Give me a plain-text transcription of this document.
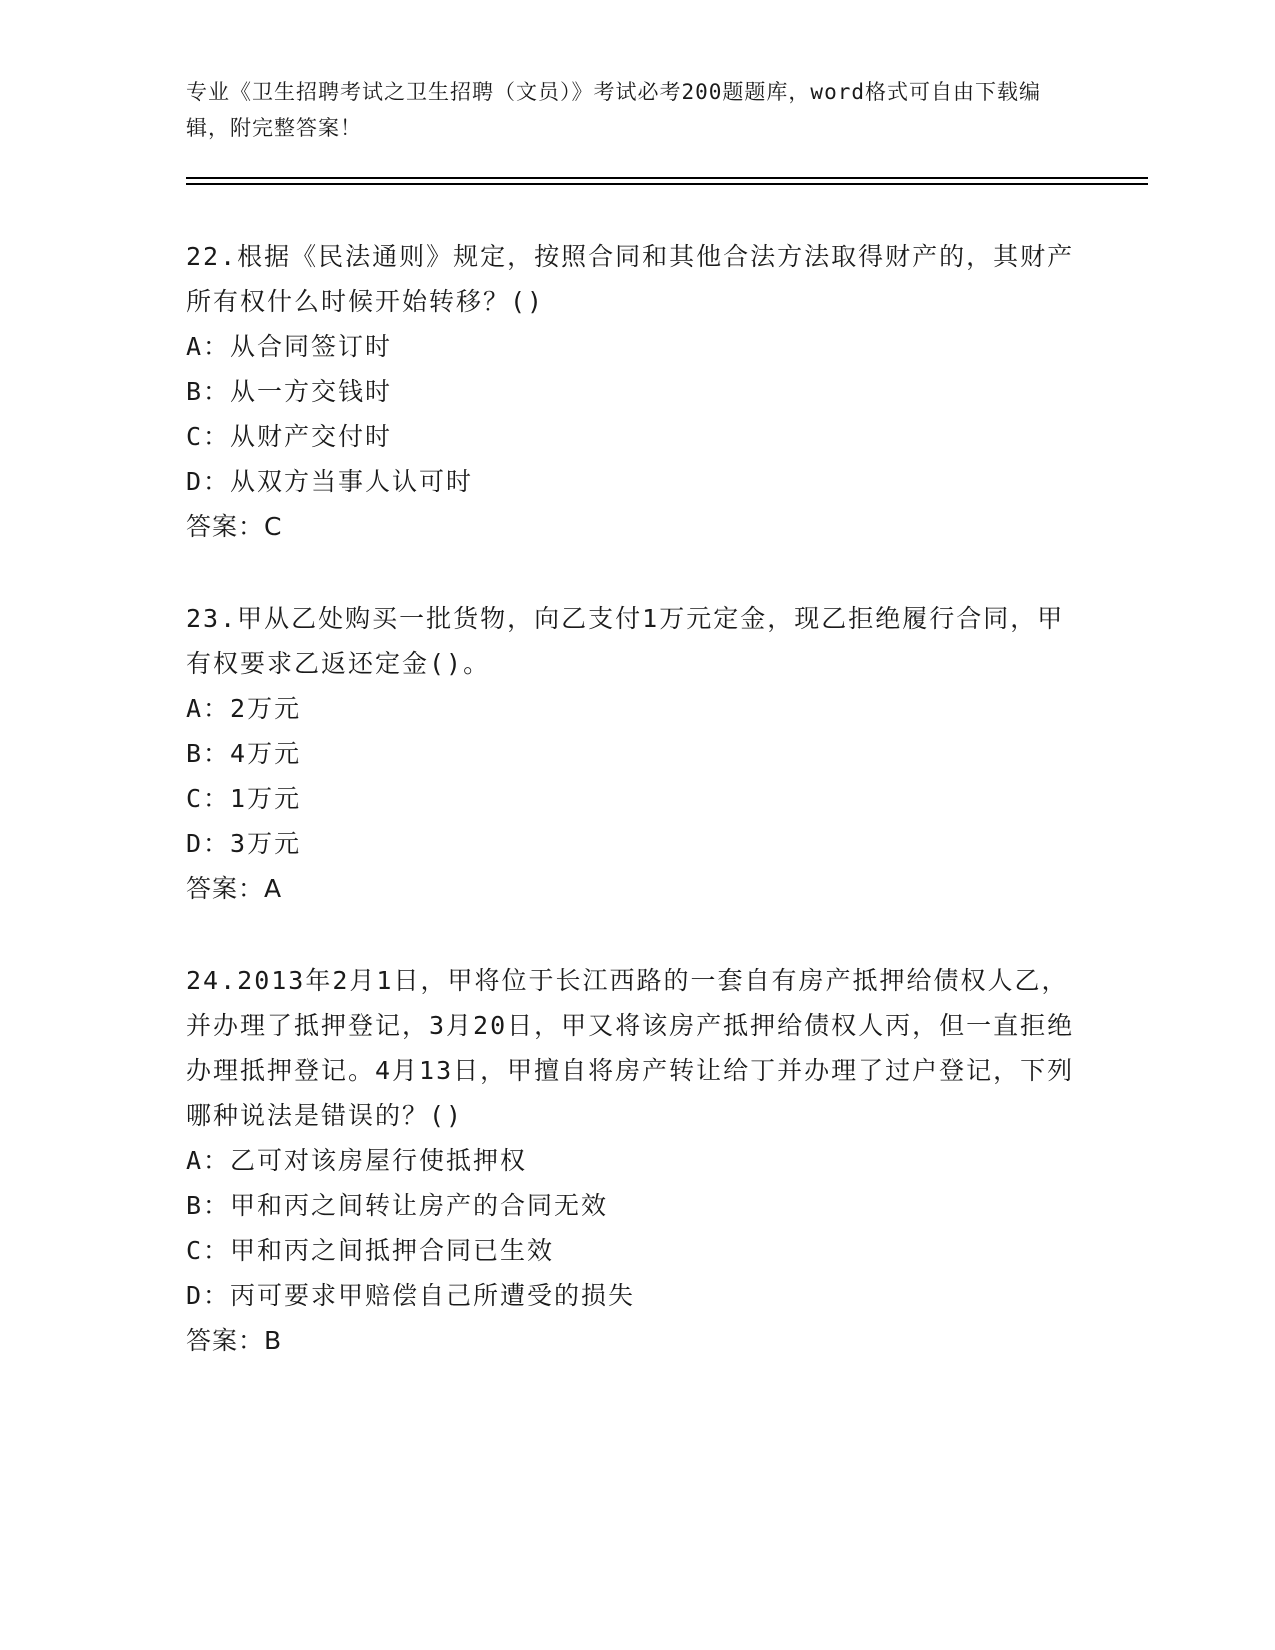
专业《卫生招聘考试之卫生招聘（文员）》考试必考200题题库，word格式可自由下载编辑，附完整答案！

22.根据《民法通则》规定，按照合同和其他合法方法取得财产的，其财产所有权什么时候开始转移？()

A：从合同签订时

B：从一方交钱时

C：从财产交付时

D：从双方当事人认可时

答案：C

23.甲从乙处购买一批货物，向乙支付1万元定金，现乙拒绝履行合同，甲有权要求乙返还定金()。

A：2万元

B：4万元

C：1万元

D：3万元

答案：A

24.2013年2月1日，甲将位于长江西路的一套自有房产抵押给债权人乙，并办理了抵押登记，3月20日，甲又将该房产抵押给债权人丙，但一直拒绝办理抵押登记。4月13日，甲擅自将房产转让给丁并办理了过户登记，下列哪种说法是错误的？()

A：乙可对该房屋行使抵押权

B：甲和丙之间转让房产的合同无效

C：甲和丙之间抵押合同已生效

D：丙可要求甲赔偿自己所遭受的损失

答案：B
